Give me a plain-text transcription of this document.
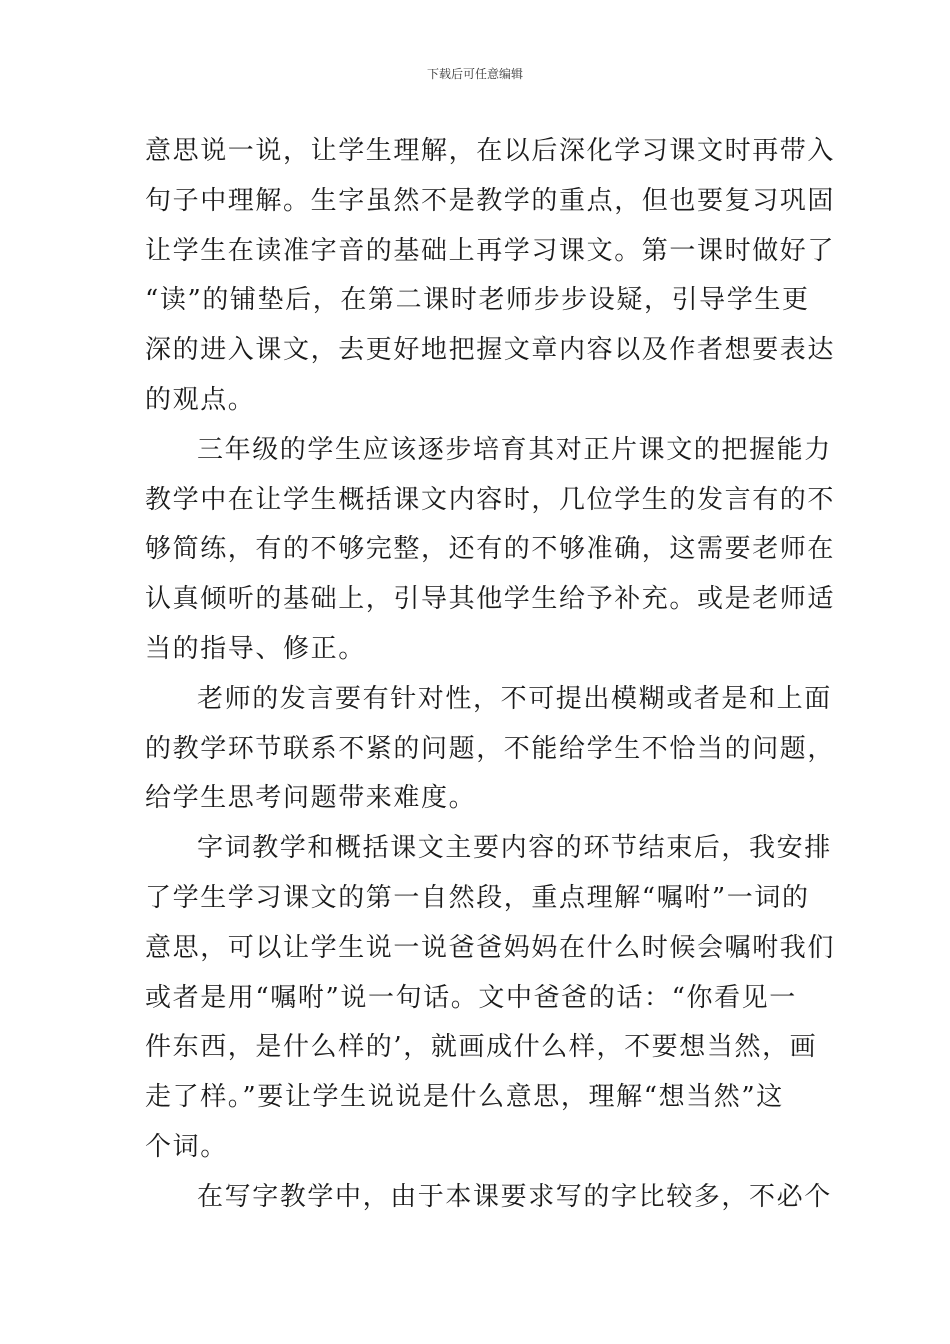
下载后可任意编辑
意思说一说，让学生理解，在以后深化学习课文时再带入
句子中理解。生字虽然不是教学的重点，但也要复习巩固
让学生在读准字音的基础上再学习课文。第一课时做好了
“读”的铺垫后，在第二课时老师步步设疑，引导学生更
深的进入课文，去更好地把握文章内容以及作者想要表达
的观点。
三年级的学生应该逐步培育其对正片课文的把握能力
教学中在让学生概括课文内容时，几位学生的发言有的不
够简练，有的不够完整，还有的不够准确，这需要老师在
认真倾听的基础上，引导其他学生给予补充。或是老师适
当的指导、修正。
老师的发言要有针对性，不可提出模糊或者是和上面
的教学环节联系不紧的问题，不能给学生不恰当的问题，
给学生思考问题带来难度。
字词教学和概括课文主要内容的环节结束后，我安排
了学生学习课文的第一自然段，重点理解“嘱咐”一词的
意思，可以让学生说一说爸爸妈妈在什么时候会嘱咐我们
或者是用“嘱咐”说一句话。文中爸爸的话：“你看见一
件东西，是什么样的’，就画成什么样，不要想当然，画
走了样。”要让学生说说是什么意思，理解“想当然”这
个词。
在写字教学中，由于本课要求写的字比较多，不必个
